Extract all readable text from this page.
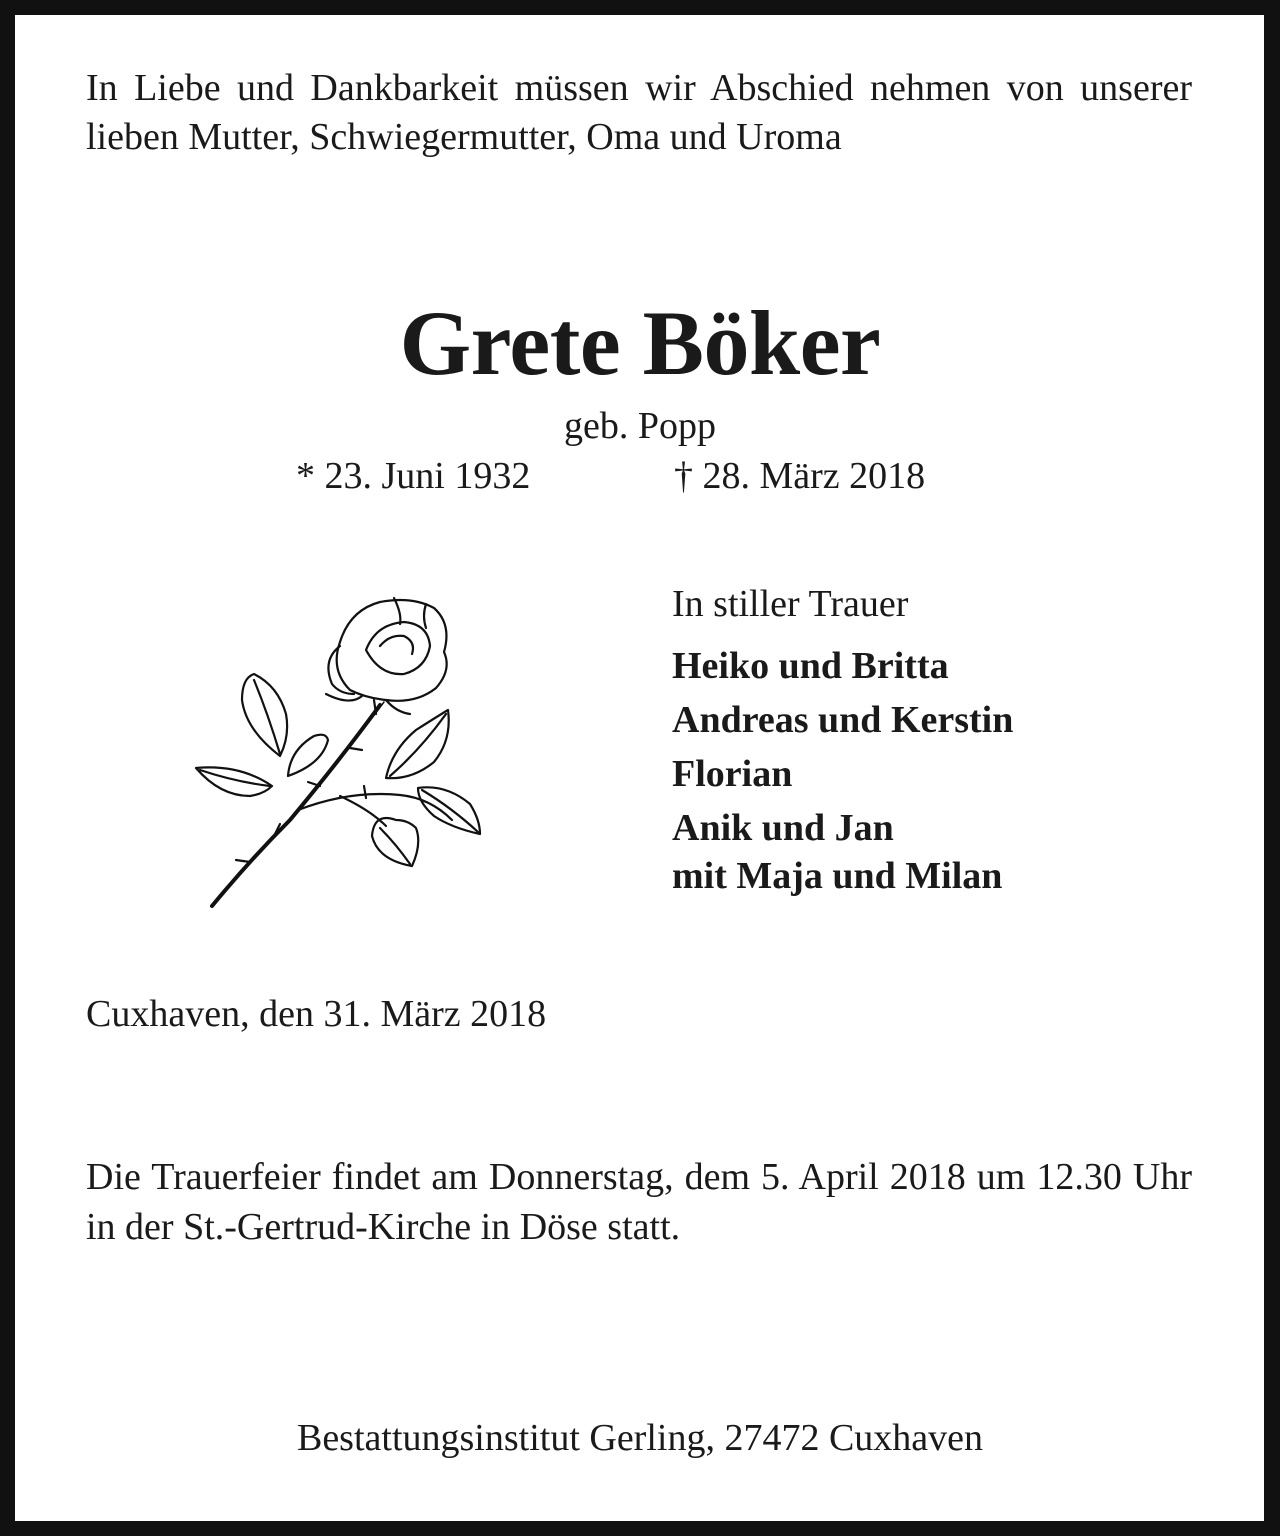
In Liebe und Dankbarkeit müssen wir Abschied nehmen von unserer lieben Mutter, Schwiegermutter, Oma und Uroma
Grete Böker
geb. Popp
* 23. Juni 1932	† 28. März 2018
In stiller Trauer
Heiko und Britta
Andreas und Kerstin
Florian
Anik und Jan
mit Maja und Milan
Cuxhaven, den 31. März 2018
Die Trauerfeier findet am Donnerstag, dem 5. April 2018 um 12.30 Uhr in der St.-Gertrud-Kirche in Döse statt.
Bestattungsinstitut Gerling, 27472 Cuxhaven
